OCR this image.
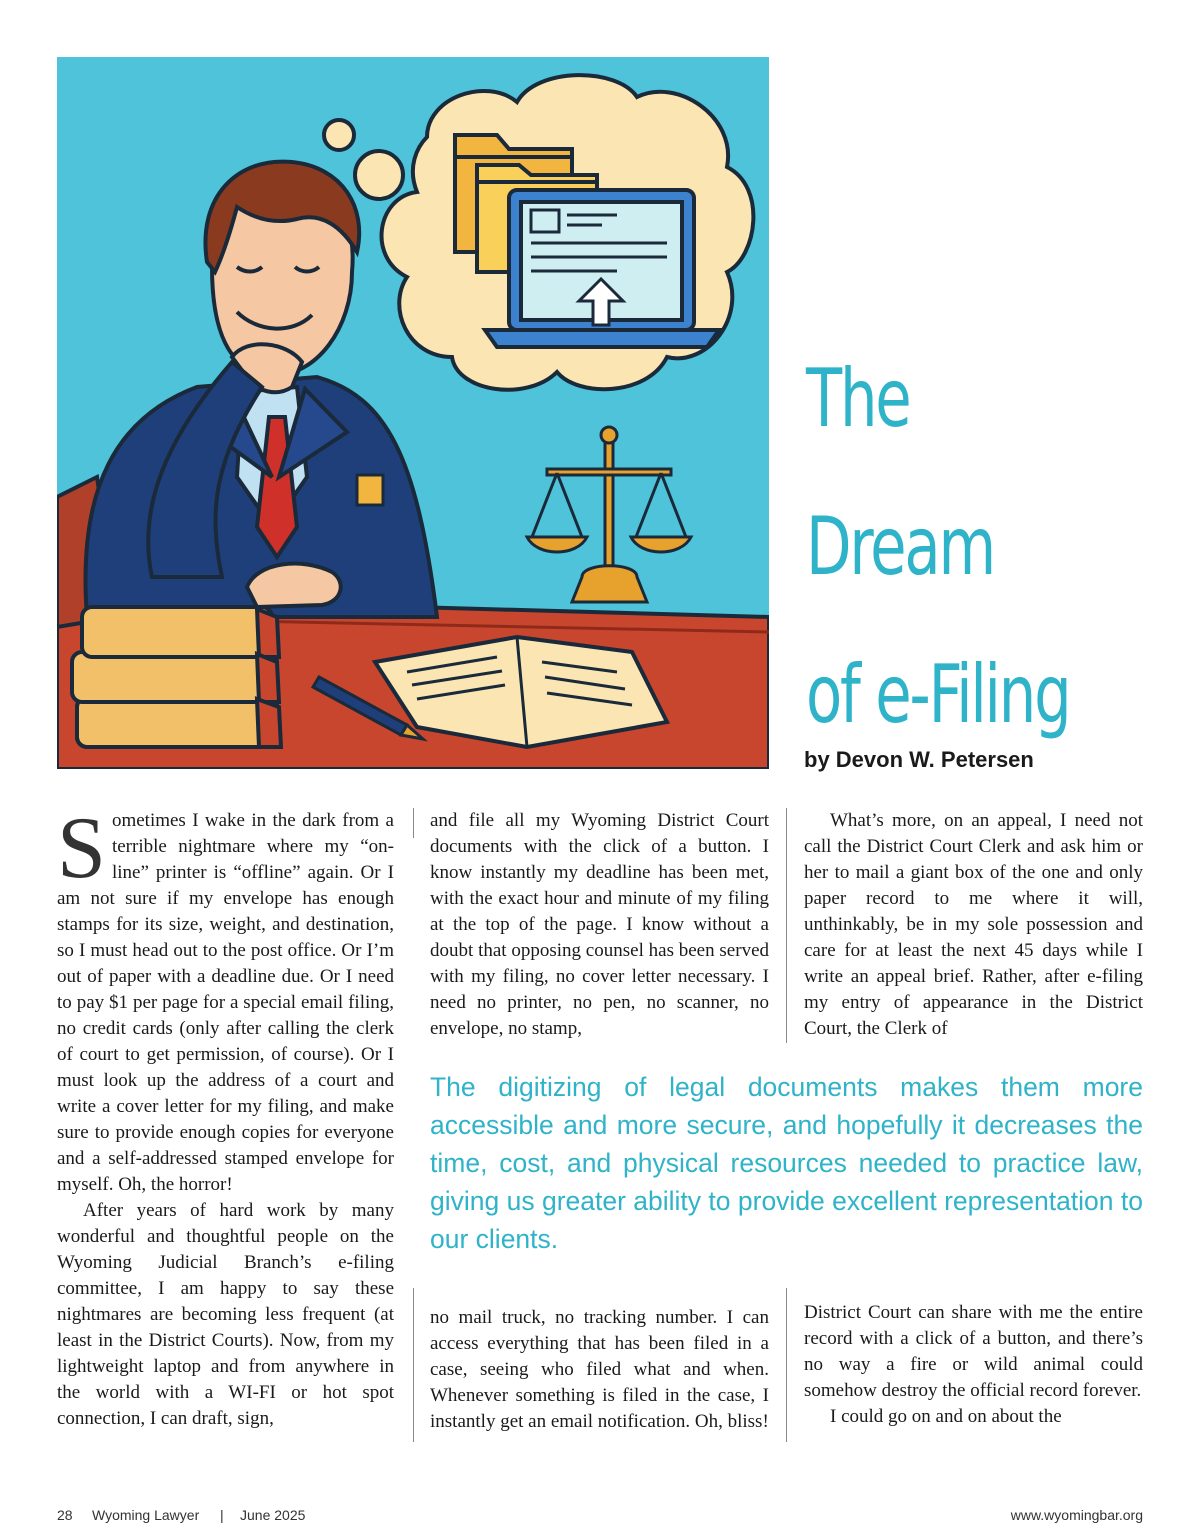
The
Dream
of e-Filing
by Devon W. Petersen

Sometimes I wake in the dark from a terrible nightmare where my “online” printer is “offline” again. Or I am not sure if my envelope has enough stamps for its size, weight, and destination, so I must head out to the post office. Or I’m out of paper with a deadline due. Or I need to pay $1 per page for a special email filing, no credit cards (only after calling the clerk of court to get permission, of course). Or I must look up the address of a court and write a cover letter for my filing, and make sure to provide enough copies for everyone and a self-addressed stamped envelope for myself. Oh, the horror!

After years of hard work by many wonderful and thoughtful people on the Wyoming Judicial Branch’s e-filing committee, I am happy to say these nightmares are becoming less frequent (at least in the District Courts). Now, from my lightweight laptop and from anywhere in the world with a WI-FI or hot spot connection, I can draft, sign,

and file all my Wyoming District Court documents with the click of a button. I know instantly my deadline has been met, with the exact hour and minute of my filing at the top of the page. I know without a doubt that opposing counsel has been served with my filing, no cover letter necessary. I need no printer, no pen, no scanner, no envelope, no stamp,

no mail truck, no tracking number. I can access everything that has been filed in a case, seeing who filed what and when. Whenever something is filed in the case, I instantly get an email notification. Oh, bliss!

What’s more, on an appeal, I need not call the District Court Clerk and ask him or her to mail a giant box of the one and only paper record to me where it will, unthinkably, be in my sole possession and care for at least the next 45 days while I write an appeal brief. Rather, after e-filing my entry of appearance in the District Court, the Clerk of

District Court can share with me the entire record with a click of a button, and there’s no way a fire or wild animal could somehow destroy the official record forever.

I could go on and on about the

The digitizing of legal documents makes them more accessible and more secure, and hopefully it decreases the time, cost, and physical resources needed to practice law, giving us greater ability to provide excellent representation to our clients.
28 Wyoming Lawyer | June 2025	www.wyomingbar.org
